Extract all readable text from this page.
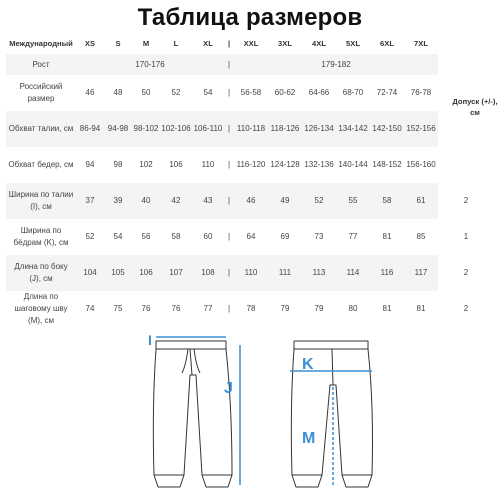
Таблица размеров
Международный	XS	S	M	L	XL	|	XXL	3XL	4XL	5XL	6XL	7XL	
Рост	170-176					|	179-182						
Российский размер	46	48	50	52	54	|	56-58	60-62	64-66	68-70	72-74	76-78	
Обхват талии, см	86-94	94-98	98-102	102-106	106-110	|	110-118	118-126	126-134	134-142	142-150	152-156	
Обхват бедер, см	94	98	102	106	110	|	116-120	124-128	132-136	140-144	148-152	156-160	
Ширина по талии (I), см	37	39	40	42	43	|	46	49	52	55	58	61	2
Ширина по бёдрам (K), см	52	54	56	58	60	|	64	69	73	77	81	85	1
Длина по боку (J), см	104	105	106	107	108	|	110	111	113	114	116	117	2
Длина по шаговому шву (M), см	74	75	76	76	77	|	78	79	79	80	81	81	2
Допуск (+/-), см
I
J
K
M
